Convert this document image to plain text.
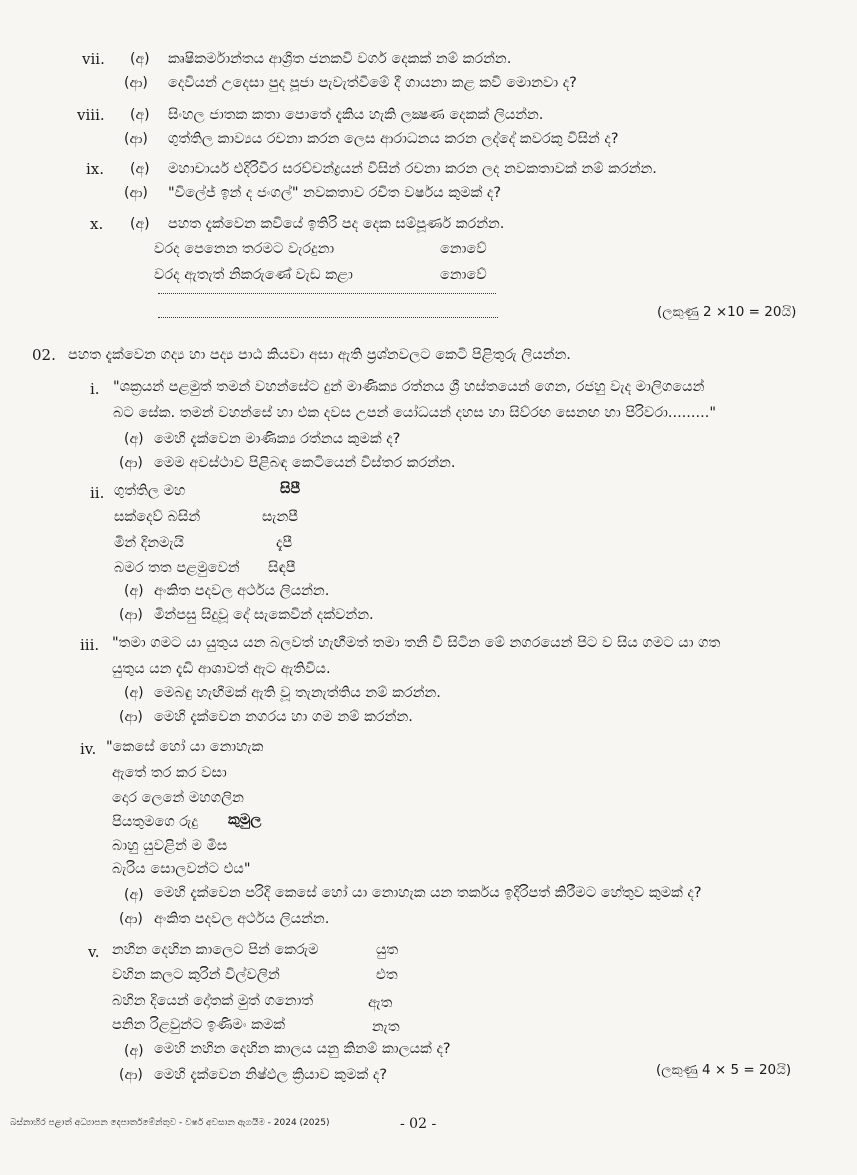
vii. (අ) කෘෂිකර්මාන්තය ආශ්‍රිත ජනකවි වර්ග දෙකක් නම් කරන්න.
(ආ) දෙවියන් උදෙසා පුද පූජා පැවැත්වීමේ දී ගායනා කළ කවි මොනවා ද?
viii. (අ) සිංහල ජාතක කතා පොතේ දැකිය හැකි ලක්‍ෂණ දෙකක් ලියන්න.
(ආ) ගුත්තිල කාව්‍යය රචනා කරන ලෙස ආරාධනය කරන ලද්දේ කවරකු විසින් ද?
ix. (අ) මහාචාර්ය එදිරිවීර සරච්චන්ද්‍රයන් විසින් රචනා කරන ලද නවකතාවක් නම් කරන්න.
(ආ) "විලේජ් ඉන් ද ජංගල්" නවකතාව රචිත වර්ෂය කුමක් ද?
x. (අ) පහත දැක්වෙන කවියේ ඉතිරි පද දෙක සම්පූර්ණ කරන්න.
වරද පෙනෙන තරමට වැරදුනා	නොවේ
වරද ඇතැත් නිකරුණේ වැඩ කළා	නොවේ
(ලකුණු 2 ×10 = 20යි)
02. පහත දැක්වෙන ගද්‍ය හා පද්‍ය පාඨ කියවා අසා ඇති ප්‍රශ්නවලට කෙටි පිළිතුරු ලියන්න.
i. "ශක්‍රයන් පළමුත් තමන් වහන්සේට දුන් මාණික්‍ය රත්නය ශ්‍රී හස්තයෙන් ගෙන, රජහු වැද මාලිගයෙන්
බට සේක. තමන් වහන්සේ හා එක දවස උපන් යෝධයන් දහස හා සිව්රඟ සෙනඟ හා පිරිවරා........."
(අ) මෙහි දැක්වෙන මාණික්‍ය රත්නය කුමක් ද?
(ආ) මෙම අවස්ථාව පිළිබඳ කෙටියෙන් විස්තර කරන්න.
ii. ගුත්තිල මහ	සිපී
සක්දෙව් බසින්	සැනපී
මින් දිනමැයි	දැපී
බමර තත පළමුවෙන් සිඳපී
(අ) අංකිත පදවල අර්ථය ලියන්න.
(ආ) මින්පසු සිදුවූ දේ සැකෙවින් දක්වන්න.
iii. "තමා ගමට යා යුතුය යන බලවත් හැඟීමත් තමා තනි වී සිටින මේ නගරයෙන් පිට ව සිය ගමට යා ගත
යුතුය යන දැඩි ආශාවත් ඇට ඇතිවිය.
(අ) මෙබඳු හැඟීමක් ඇති වූ තැනැත්තිය නම් කරන්න.
(ආ) මෙහි දැක්වෙන නගරය හා ගම නම් කරන්න.
iv. "කෙසේ හෝ යා නොහැක
ඇතේ තර කර වසා
දොර ලෙනේ මහගලින
පියතුමගෙ රුදු කුමුල
බාහු යුවළින් ම මිස
බැරිය සොලවන්ට එය"
(අ) මෙහි දැක්වෙන පරිදි කෙසේ හෝ යා නොහැක යන තර්කය ඉදිරිපත් කිරීමට හේතුව කුමක් ද?
(ආ) අංකිත පදවල අර්ථය ලියන්න.
v. නහින දෙහින කාලෙට පින් කෙරුම	යුත
වහින කලට කුරින් විල්වලින්	එත
බහින දියෙන් දෝතක් මුත් ගනොත්	ඇත
පනින රිළවුන්ට ඉණිමං කමක්	නැත
(අ) මෙහි නහින දෙහින කාලය යනු කිනම් කාලයක් ද?
(ආ) මෙහි දැක්වෙන නිෂ්ඵල ක්‍රියාව කුමක් ද?	(ලකුණු 4 × 5 = 20යි)
බස්නාහිර පළාත් අධ්‍යාපන දෙපාර්තමේන්තුව - වර්ෂ අවසාන ඇගයීම - 2024 (2025)	- 02 -
